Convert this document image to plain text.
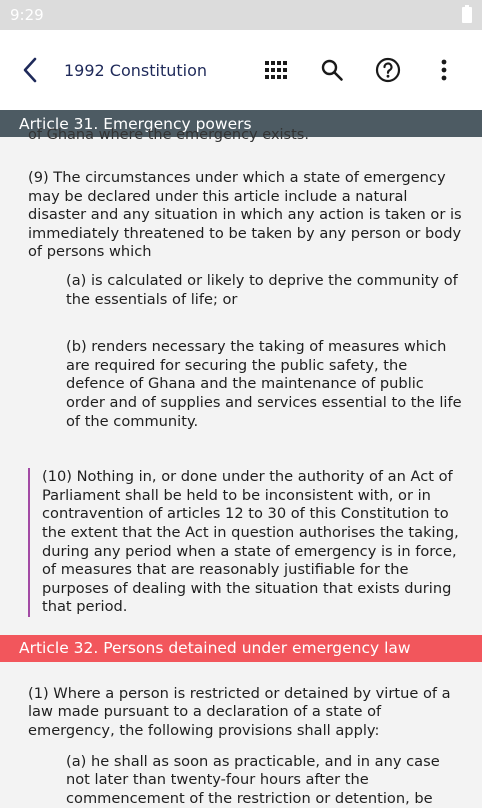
9:29
1992 Constitution
Article 31. Emergency powers
of Ghana where the emergency exists.

(9) The circumstances under which a state of emergency may be declared under this article include a natural disaster and any situation in which any action is taken or is immediately threatened to be taken by any person or body of persons which

(a) is calculated or likely to deprive the community of the essentials of life; or

(b) renders necessary the taking of measures which are required for securing the public safety, the defence of Ghana and the maintenance of public order and of supplies and services essential to the life of the community.

(10) Nothing in, or done under the authority of an Act of Parliament shall be held to be inconsistent with, or in contravention of articles 12 to 30 of this Constitution to the extent that the Act in question authorises the taking, during any period when a state of emergency is in force, of measures that are reasonably justifiable for the purposes of dealing with the situation that exists during that period.

Article 32. Persons detained under emergency law

(1) Where a person is restricted or detained by virtue of a law made pursuant to a declaration of a state of emergency, the following provisions shall apply:

(a) he shall as soon as practicable, and in any case not later than twenty-four hours after the commencement of the restriction or detention, be
